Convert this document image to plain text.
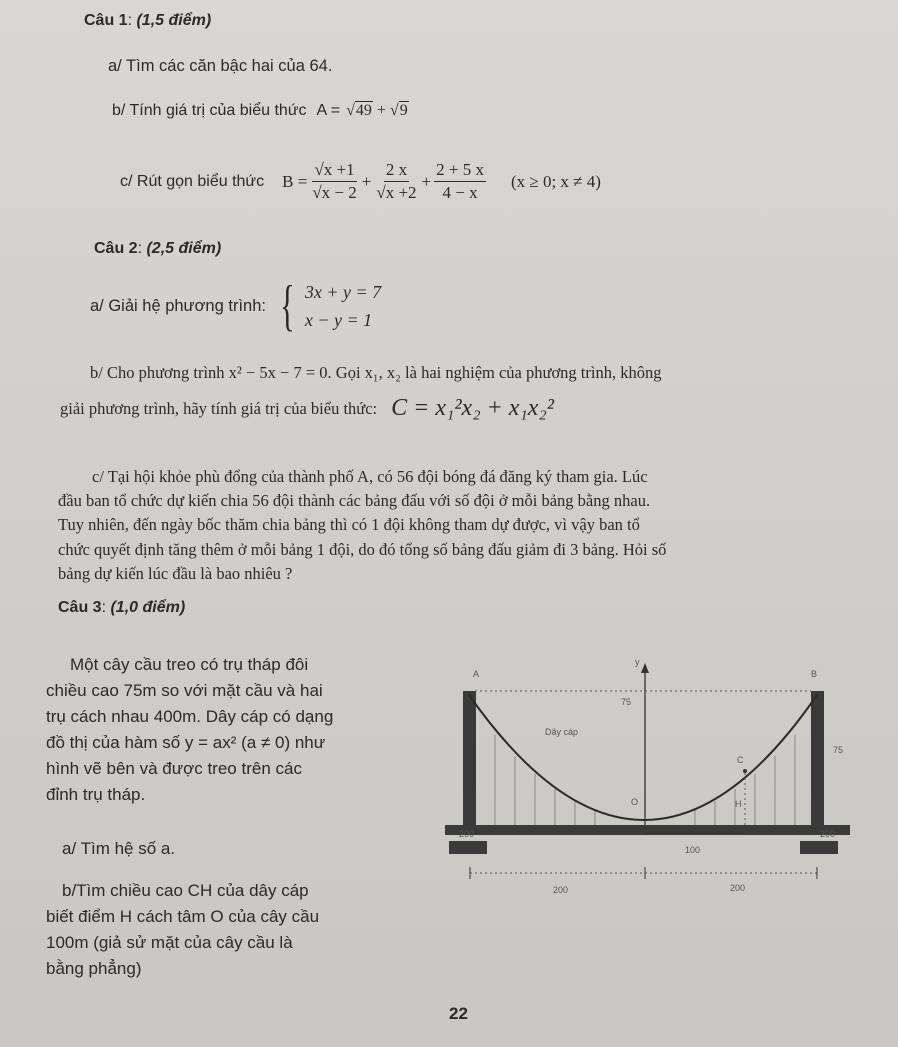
Câu 1: (1,5 điểm)
a/ Tìm các căn bậc hai của 64.
b/ Tính giá trị của biểu thức A = √49 + √9
c/ Rút gọn biểu thức $B = \frac{√x +1}{√x - 2} + \frac{2 x}{√x +2} + \frac{2 + 5 x}{4 - x} (x \ge 0$; x ≠ 4)
Câu 2: (2,5 điểm)
a/ Giải hệ phương trình: { 3x + y = 7
x − y = 1
b/ Cho phương trình x² − 5x − 7 = 0. Gọi x₁, x₂ là hai nghiệm của phương trình, không
giải phương trình, hãy tính giá trị của biểu thức: C = x₁²x₂ + x₁x₂²
c/ Tại hội khỏe phù đổng của thành phố A, có 56 đội bóng đá đăng ký tham gia. Lúc
đầu ban tổ chức dự kiến chia 56 đội thành các bảng đấu với số đội ở mỗi bảng bằng nhau.
Tuy nhiên, đến ngày bốc thăm chia bảng thì có 1 đội không tham dự được, vì vậy ban tổ
chức quyết định tăng thêm ở mỗi bảng 1 đội, do đó tổng số bảng đấu giảm đi 3 bảng. Hỏi số
bảng dự kiến lúc đầu là bao nhiêu ?
Câu 3: (1,0 điểm)
Một cây cầu treo có trụ tháp đôi
chiều cao 75m so với mặt cầu và hai
trụ cách nhau 400m. Dây cáp có dạng
đồ thị của hàm số y = ax² (a ≠ 0) như
hình vẽ bên và được treo trên các
đỉnh trụ tháp.
a/ Tìm hệ số a.
b/Tìm chiều cao CH của dây cáp
biết điểm H cách tâm O của cây cầu
100m (giả sử mặt của cây cầu là
bằng phẳng)
A
y
B
75
Dây cáp
C
75
O	H
200	200
100
200	200
22
